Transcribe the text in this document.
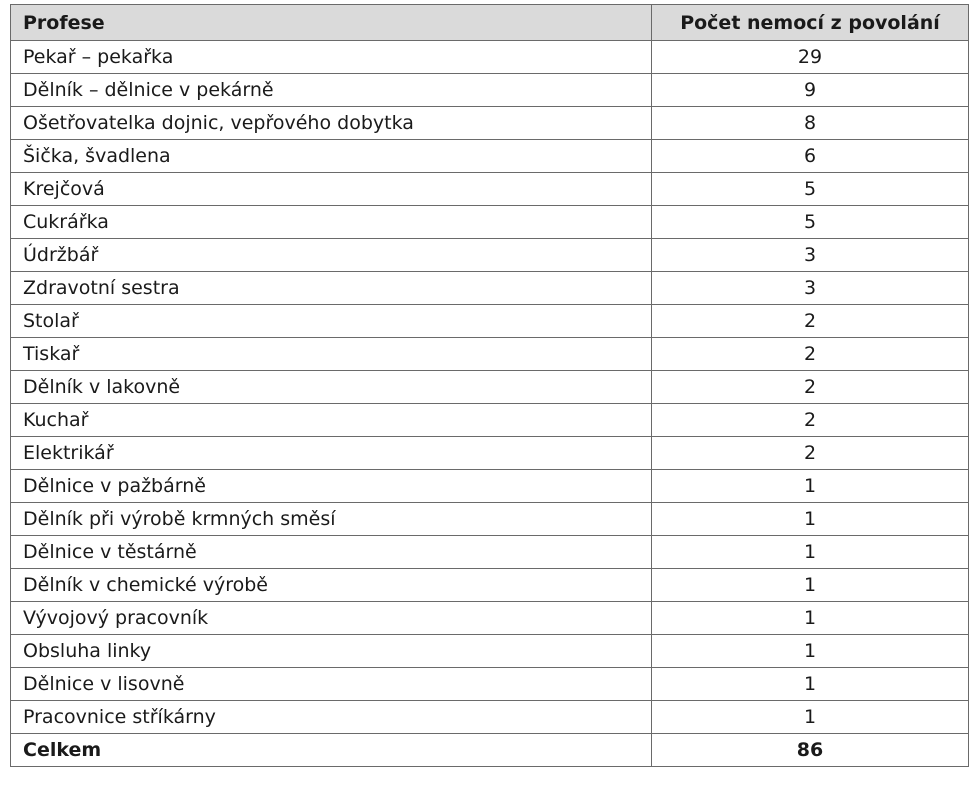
Profese	Počet nemocí z povolání
Pekař – pekařka	29
Dělník – dělnice v pekárně	9
Ošetřovatelka dojnic, vepřového dobytka	8
Šička, švadlena	6
Krejčová	5
Cukrářka	5
Údržbář	3
Zdravotní sestra	3
Stolař	2
Tiskař	2
Dělník v lakovně	2
Kuchař	2
Elektrikář	2
Dělnice v pažbárně	1
Dělník při výrobě krmných směsí	1
Dělnice v těstárně	1
Dělník v chemické výrobě	1
Vývojový pracovník	1
Obsluha linky	1
Dělnice v lisovně	1
Pracovnice stříkárny	1
Celkem	86
